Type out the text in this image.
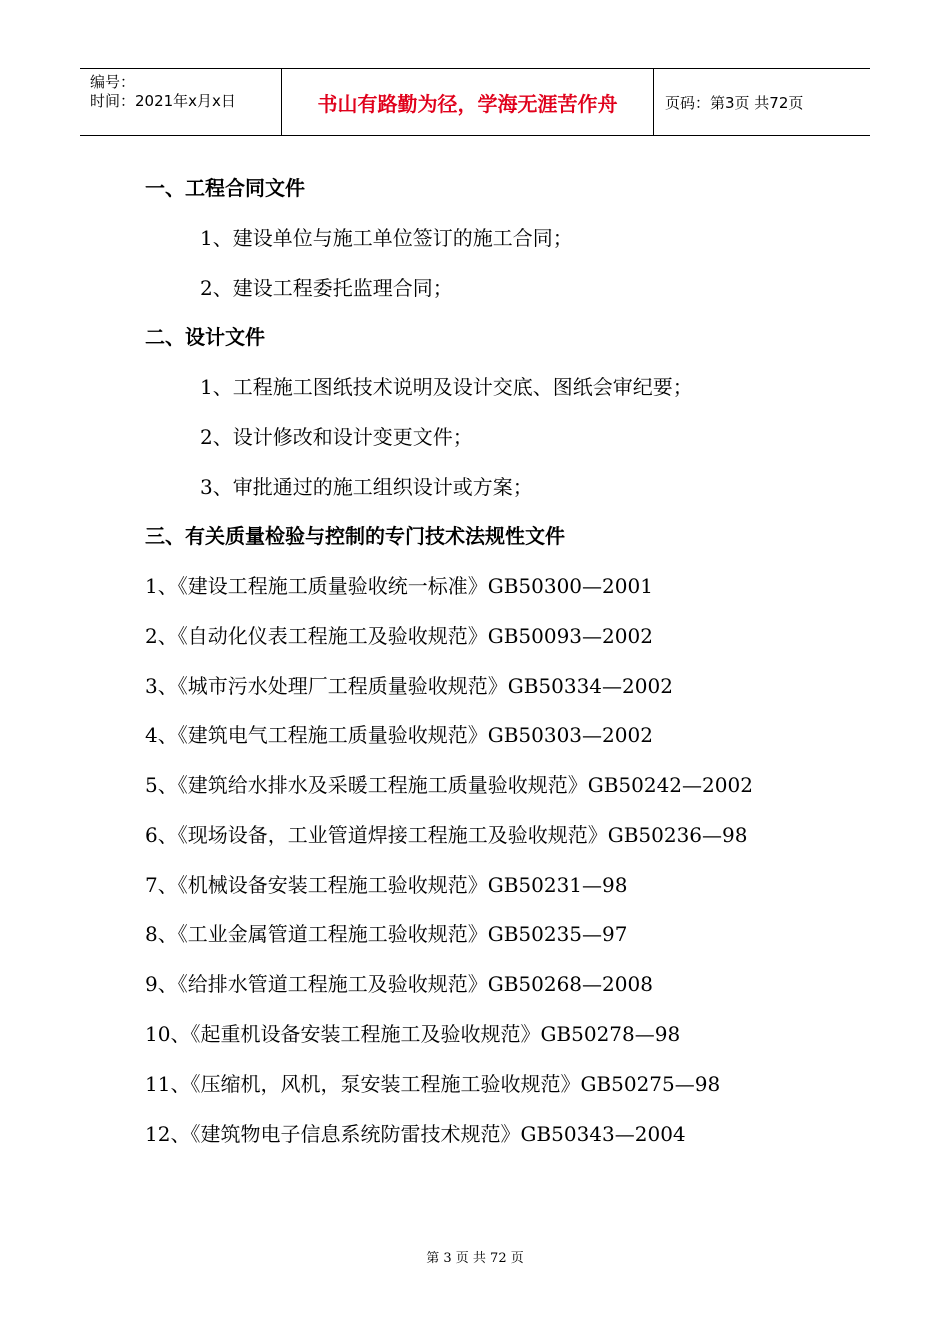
编号：
时间：2021年x月x日	书山有路勤为径，学海无涯苦作舟	页码：第3页 共72页
一、工程合同文件
1、建设单位与施工单位签订的施工合同；
2、建设工程委托监理合同；
二、设计文件
1、工程施工图纸技术说明及设计交底、图纸会审纪要；
2、设计修改和设计变更文件；
3、审批通过的施工组织设计或方案；
三、有关质量检验与控制的专门技术法规性文件
1、《建设工程施工质量验收统一标准》GB50300—2001
2、《自动化仪表工程施工及验收规范》GB50093—2002
3、《城市污水处理厂工程质量验收规范》GB50334—2002
4、《建筑电气工程施工质量验收规范》GB50303—2002
5、《建筑给水排水及采暖工程施工质量验收规范》GB50242—2002
6、《现场设备，工业管道焊接工程施工及验收规范》GB50236—98
7、《机械设备安装工程施工验收规范》GB50231—98
8、《工业金属管道工程施工验收规范》GB50235—97
9、《给排水管道工程施工及验收规范》GB50268—2008
10、《起重机设备安装工程施工及验收规范》GB50278—98
11、《压缩机，风机，泵安装工程施工验收规范》GB50275—98
12、《建筑物电子信息系统防雷技术规范》GB50343—2004
第 3 页 共 72 页
